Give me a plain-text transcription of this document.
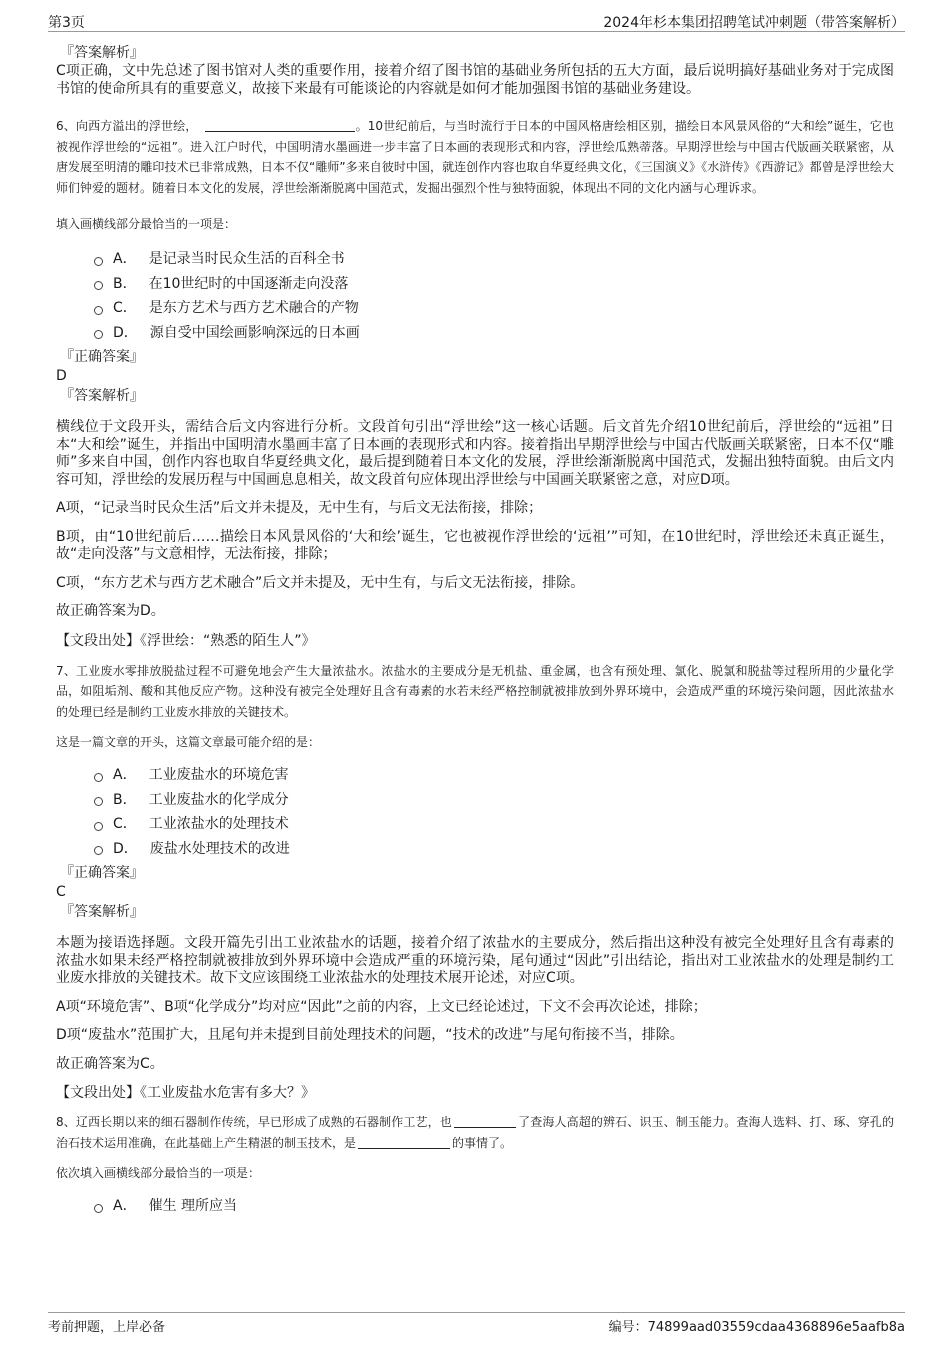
第3页	2024年杉本集团招聘笔试冲刺题（带答案解析）
『答案解析』

C项正确，文中先总述了图书馆对人类的重要作用，接着介绍了图书馆的基础业务所包括的五大方面，最后说明搞好基础业务对于完成图书馆的使命所具有的重要意义，故接下来最有可能谈论的内容就是如何才能加强图书馆的基础业务建设。

6、向西方溢出的浮世绘，	。10世纪前后，与当时流行于日本的中国风格唐绘相区别，描绘日本风景风俗的“大和绘”诞生，它也被视作浮世绘的“远祖”。进入江户时代，中国明清水墨画进一步丰富了日本画的表现形式和内容，浮世绘瓜熟蒂落。早期浮世绘与中国古代版画关联紧密，从唐发展至明清的雕印技术已非常成熟，日本不仅“雕师”多来自彼时中国，就连创作内容也取自华夏经典文化，《三国演义》《水浒传》《西游记》都曾是浮世绘大师们钟爱的题材。随着日本文化的发展，浮世绘渐渐脱离中国范式，发掘出强烈个性与独特面貌，体现出不同的文化内涵与心理诉求。

填入画横线部分最恰当的一项是：

A． 是记录当时民众生活的百科全书
B． 在10世纪时的中国逐渐走向没落
C． 是东方艺术与西方艺术融合的产物
D． 源自受中国绘画影响深远的日本画
『正确答案』
D
『答案解析』

横线位于文段开头，需结合后文内容进行分析。文段首句引出“浮世绘”这一核心话题。后文首先介绍10世纪前后，浮世绘的“远祖”日本“大和绘”诞生，并指出中国明清水墨画丰富了日本画的表现形式和内容。接着指出早期浮世绘与中国古代版画关联紧密，日本不仅“雕师”多来自中国，创作内容也取自华夏经典文化，最后提到随着日本文化的发展，浮世绘渐渐脱离中国范式，发掘出独特面貌。由后文内容可知，浮世绘的发展历程与中国画息息相关，故文段首句应体现出浮世绘与中国画关联紧密之意，对应D项。

A项，“记录当时民众生活”后文并未提及，无中生有，与后文无法衔接，排除；

B项，由“10世纪前后……描绘日本风景风俗的‘大和绘’诞生，它也被视作浮世绘的‘远祖’”可知，在10世纪时，浮世绘还未真正诞生，故“走向没落”与文意相悖，无法衔接，排除；

C项，“东方艺术与西方艺术融合”后文并未提及，无中生有，与后文无法衔接，排除。

故正确答案为D。

【文段出处】《浮世绘：“熟悉的陌生人”》

7、工业废水零排放脱盐过程不可避免地会产生大量浓盐水。浓盐水的主要成分是无机盐、重金属，也含有预处理、氯化、脱氯和脱盐等过程所用的少量化学品，如阻垢剂、酸和其他反应产物。这种没有被完全处理好且含有毒素的水若未经严格控制就被排放到外界环境中，会造成严重的环境污染问题，因此浓盐水的处理已经是制约工业废水排放的关键技术。

这是一篇文章的开头，这篇文章最可能介绍的是：

A． 工业废盐水的环境危害
B． 工业废盐水的化学成分
C． 工业浓盐水的处理技术
D． 废盐水处理技术的改进
『正确答案』
C
『答案解析』

本题为接语选择题。文段开篇先引出工业浓盐水的话题，接着介绍了浓盐水的主要成分，然后指出这种没有被完全处理好且含有毒素的浓盐水如果未经严格控制就被排放到外界环境中会造成严重的环境污染，尾句通过“因此”引出结论，指出对工业浓盐水的处理是制约工业废水排放的关键技术。故下文应该围绕工业浓盐水的处理技术展开论述，对应C项。

A项“环境危害”、B项“化学成分”均对应“因此”之前的内容，上文已经论述过，下文不会再次论述，排除；

D项“废盐水”范围扩大，且尾句并未提到目前处理技术的问题，“技术的改进”与尾句衔接不当，排除。

故正确答案为C。

【文段出处】《工业废盐水危害有多大？》

8、辽西长期以来的细石器制作传统，早已形成了成熟的石器制作工艺，也	了查海人高超的辨石、识玉、制玉能力。查海人选料、打、琢、穿孔的治石技术运用准确，在此基础上产生精湛的制玉技术，是	的事情了。

依次填入画横线部分最恰当的一项是：

A． 催生 理所应当
考前押题，上岸必备	编号：74899aad03559cdaa4368896e5aafb8a
